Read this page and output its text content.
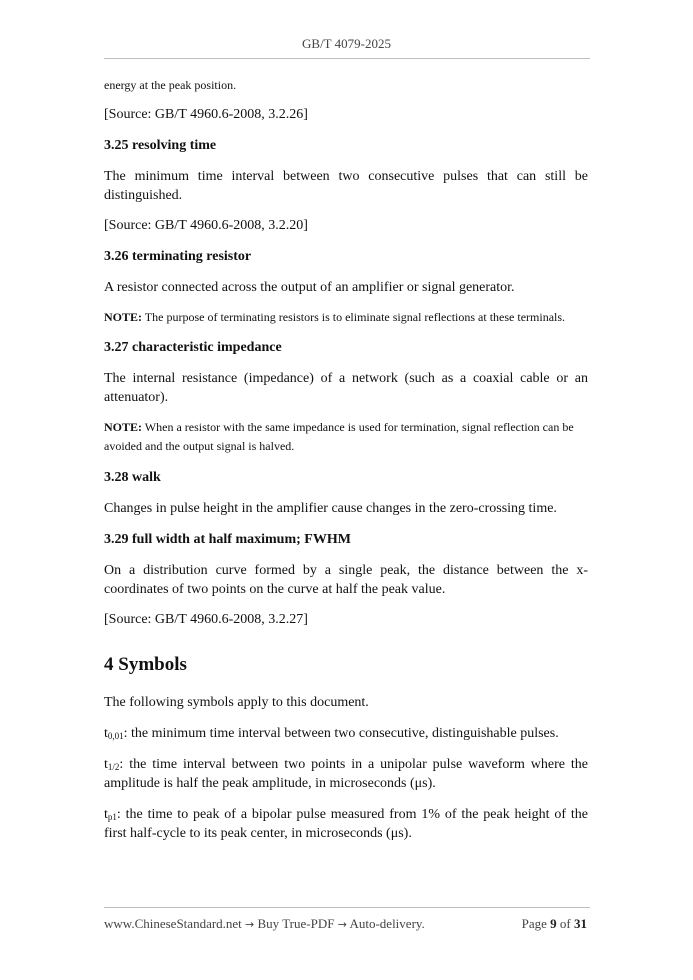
GB/T 4079-2025

energy at the peak position.

[Source: GB/T 4960.6-2008, 3.2.26]

3.25 resolving time

The minimum time interval between two consecutive pulses that can still be distinguished.

[Source: GB/T 4960.6-2008, 3.2.20]

3.26 terminating resistor

A resistor connected across the output of an amplifier or signal generator.

NOTE: The purpose of terminating resistors is to eliminate signal reflections at these terminals.

3.27 characteristic impedance

The internal resistance (impedance) of a network (such as a coaxial cable or an attenuator).

NOTE: When a resistor with the same impedance is used for termination, signal reflection can be avoided and the output signal is halved.

3.28 walk

Changes in pulse height in the amplifier cause changes in the zero-crossing time.

3.29 full width at half maximum; FWHM

On a distribution curve formed by a single peak, the distance between the x-coordinates of two points on the curve at half the peak value.

[Source: GB/T 4960.6-2008, 3.2.27]

4 Symbols

The following symbols apply to this document.

$t_{0,01}$: the minimum time interval between two consecutive, distinguishable pulses.

$t_{1/2}$: the time interval between two points in a unipolar pulse waveform where the amplitude is half the peak amplitude, in microseconds (μs).

$t_{p1}$: the time to peak of a bipolar pulse measured from 1% of the peak height of the first half-cycle to its peak center, in microseconds (μs).

www.ChineseStandard.net → Buy True-PDF → Auto-delivery.	Page 9 of 31
